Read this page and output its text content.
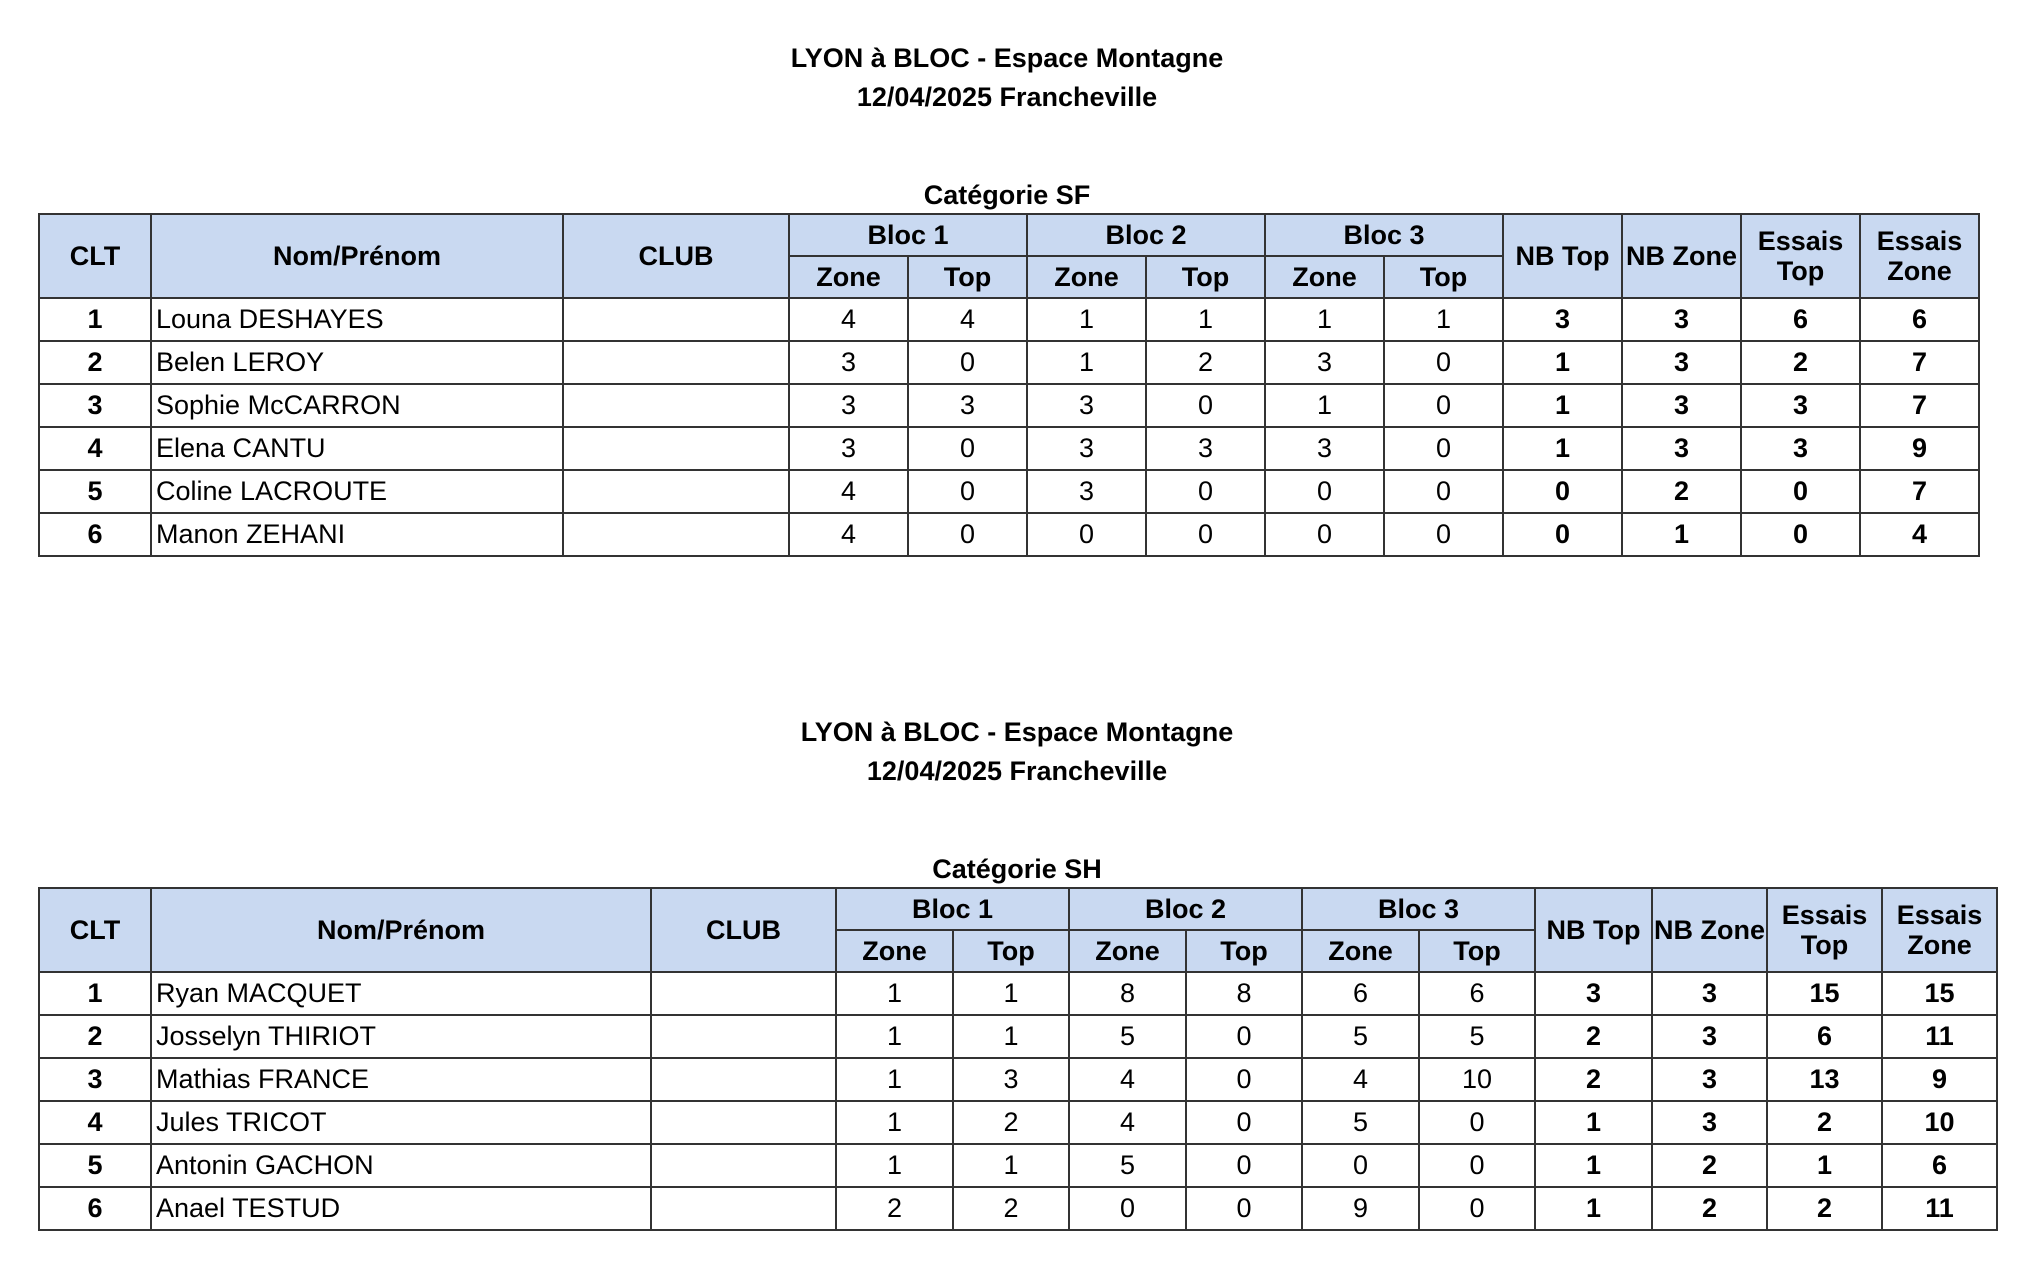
LYON à BLOC - Espace Montagne
12/04/2025 Francheville
Catégorie SF
CLT	Nom/Prénom	CLUB	Bloc 1		Bloc 2		Bloc 3		NB Top	NB Zone	Essais Top	Essais Zone
			Zone	Top	Zone	Top	Zone	Top				
1	Louna DESHAYES		4	4	1	1	1	1	3	3	6	6
2	Belen LEROY		3	0	1	2	3	0	1	3	2	7
3	Sophie McCARRON		3	3	3	0	1	0	1	3	3	7
4	Elena CANTU		3	0	3	3	3	0	1	3	3	9
5	Coline LACROUTE		4	0	3	0	0	0	0	2	0	7
6	Manon ZEHANI		4	0	0	0	0	0	0	1	0	4
LYON à BLOC - Espace Montagne
12/04/2025 Francheville
Catégorie SH
CLT	Nom/Prénom	CLUB	Bloc 1		Bloc 2		Bloc 3		NB Top	NB Zone	Essais Top	Essais Zone
			Zone	Top	Zone	Top	Zone	Top				
1	Ryan MACQUET		1	1	8	8	6	6	3	3	15	15
2	Josselyn THIRIOT		1	1	5	0	5	5	2	3	6	11
3	Mathias FRANCE		1	3	4	0	4	10	2	3	13	9
4	Jules TRICOT		1	2	4	0	5	0	1	3	2	10
5	Antonin GACHON		1	1	5	0	0	0	1	2	1	6
6	Anael TESTUD		2	2	0	0	9	0	1	2	2	11
